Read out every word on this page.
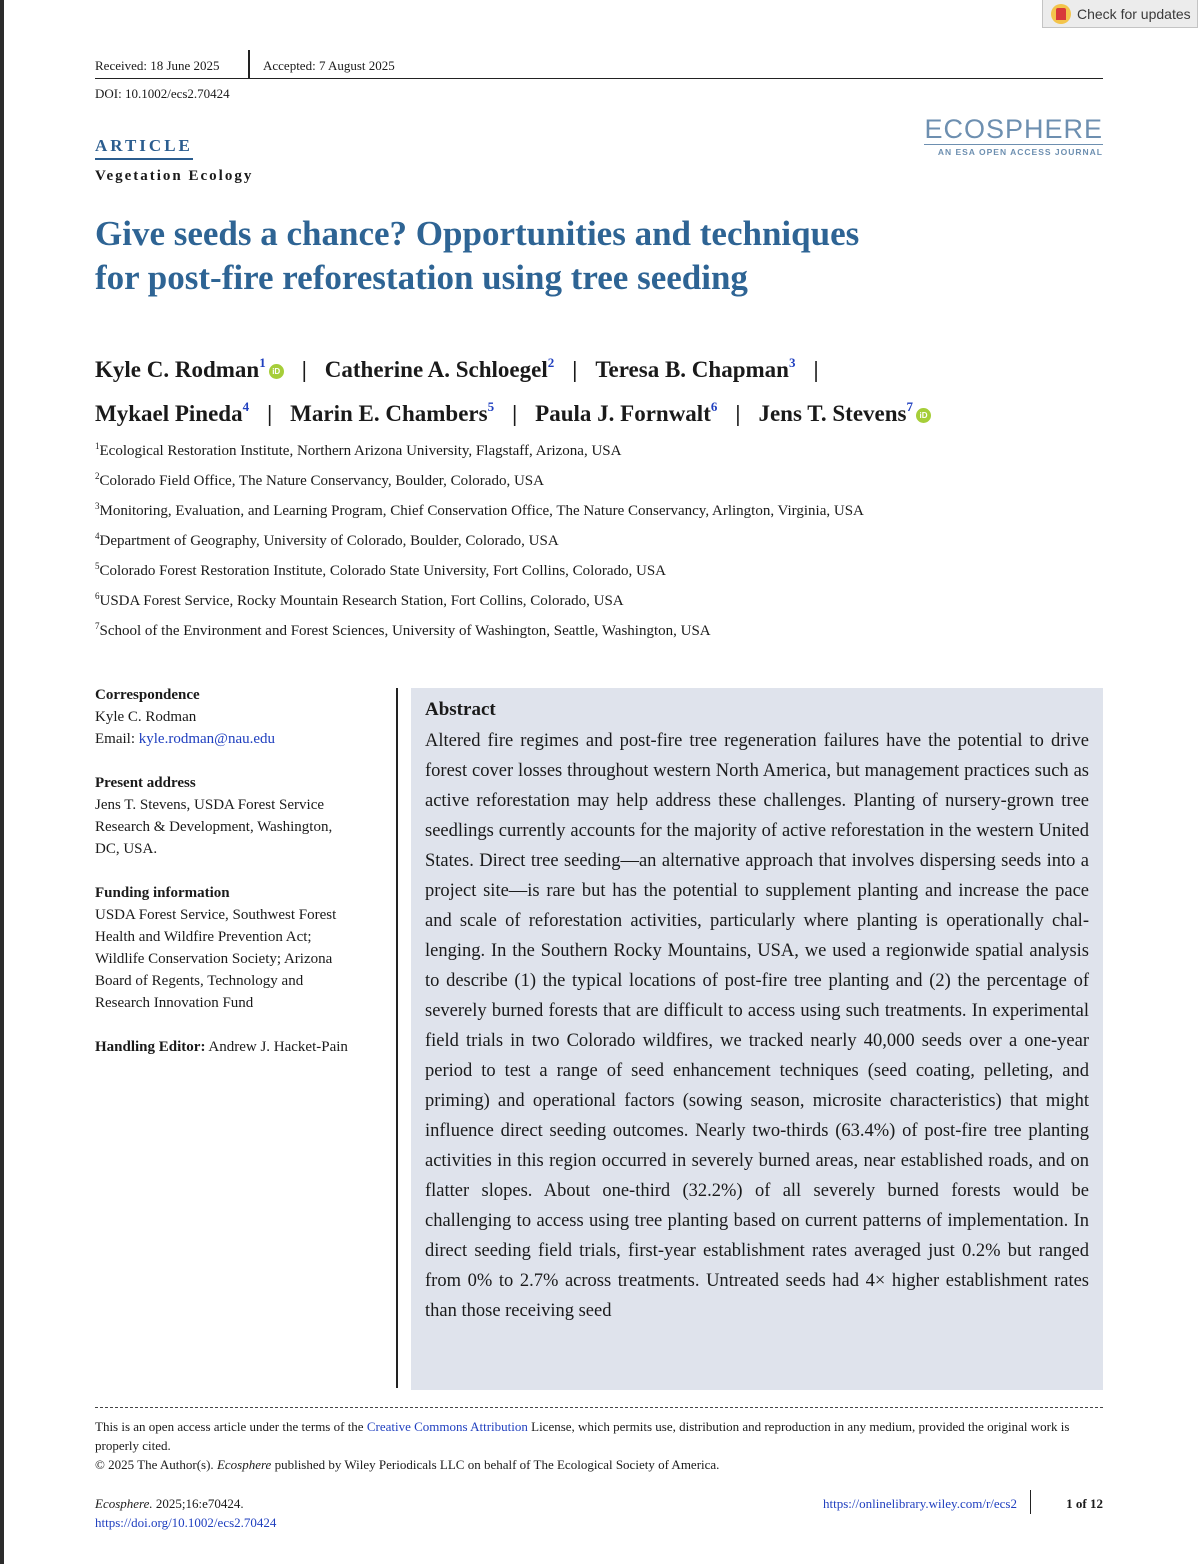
Check for updates
Received: 18 June 2025	Accepted: 7 August 2025
DOI: 10.1002/ecs2.70424
ECOSPHERE
AN ESA OPEN ACCESS JOURNAL
ARTICLE
Vegetation Ecology
Give seeds a chance? Opportunities and techniques
for post-fire reforestation using tree seeding
Kyle C. Rodman$^1$iD | Catherine A. Schloegel$^2$ | Teresa B. Chapman$^3$ |
Mykael Pineda$^4$ | Marin E. Chambers$^5$ | Paula J. Fornwalt$^6$ | Jens T. Stevens$^7$iD
$^1$Ecological Restoration Institute, Northern Arizona University, Flagstaff, Arizona, USA
$^2$Colorado Field Office, The Nature Conservancy, Boulder, Colorado, USA
$^3$Monitoring, Evaluation, and Learning Program, Chief Conservation Office, The Nature Conservancy, Arlington, Virginia, USA
$^4$Department of Geography, University of Colorado, Boulder, Colorado, USA
$^5$Colorado Forest Restoration Institute, Colorado State University, Fort Collins, Colorado, USA
$^6$USDA Forest Service, Rocky Mountain Research Station, Fort Collins, Colorado, USA
$^7$School of the Environment and Forest Sciences, University of Washington, Seattle, Washington, USA
Correspondence
Kyle C. Rodman
Email: kyle.rodman@nau.edu
Present address
Jens T. Stevens, USDA Forest Service
Research & Development, Washington,
DC, USA.
Funding information
USDA Forest Service, Southwest Forest
Health and Wildfire Prevention Act;
Wildlife Conservation Society; Arizona
Board of Regents, Technology and
Research Innovation Fund
Handling Editor: Andrew J. Hacket-Pain
Abstract

Altered fire regimes and post-fire tree regeneration failures have the potential to drive forest cover losses throughout western North America, but management practices such as active reforestation may help address these challenges. Planting of nursery-grown tree seedlings currently accounts for the majority of active reforestation in the western United States. Direct tree seeding—an alternative approach that involves dispersing seeds into a project site—is rare but has the potential to supplement planting and increase the pace and scale of reforestation activities, particularly where planting is operationally challenging. In the Southern Rocky Mountains, USA, we used a regionwide spatial analysis to describe (1) the typical locations of post-fire tree planting and (2) the percentage of severely burned forests that are difficult to access using such treatments. In experimental field trials in two Colorado wildfires, we tracked nearly 40,000 seeds over a one-year period to test a range of seed enhancement techniques (seed coating, pelleting, and priming) and operational factors (sowing season, microsite characteristics) that might influence direct seeding outcomes. Nearly two-thirds (63.4%) of post-fire tree planting activities in this region occurred in severely burned areas, near established roads, and on flatter slopes. About one-third (32.2%) of all severely burned forests would be challenging to access using tree planting based on current patterns of implementation. In direct seeding field trials, first-year establishment rates averaged just 0.2% but ranged from 0% to 2.7% across treatments. Untreated seeds had 4× higher establishment rates than those receiving seed

This is an open access article under the terms of the Creative Commons Attribution License, which permits use, distribution and reproduction in any medium, provided the original work is properly cited.
© 2025 The Author(s). Ecosphere published by Wiley Periodicals LLC on behalf of The Ecological Society of America.
Ecosphere. 2025;16:e70424.
https://doi.org/10.1002/ecs2.70424
https://onlinelibrary.wiley.com/r/ecs2	1 of 12
